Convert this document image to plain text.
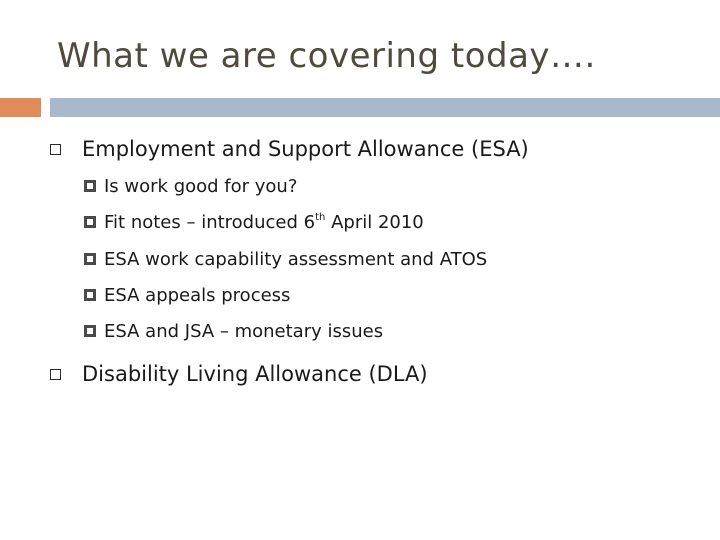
What we are covering today….
Employment and Support Allowance (ESA)
Is work good for you?
Fit notes – introduced 6th April 2010
ESA work capability assessment and ATOS
ESA appeals process
ESA and JSA – monetary issues
Disability Living Allowance (DLA)
